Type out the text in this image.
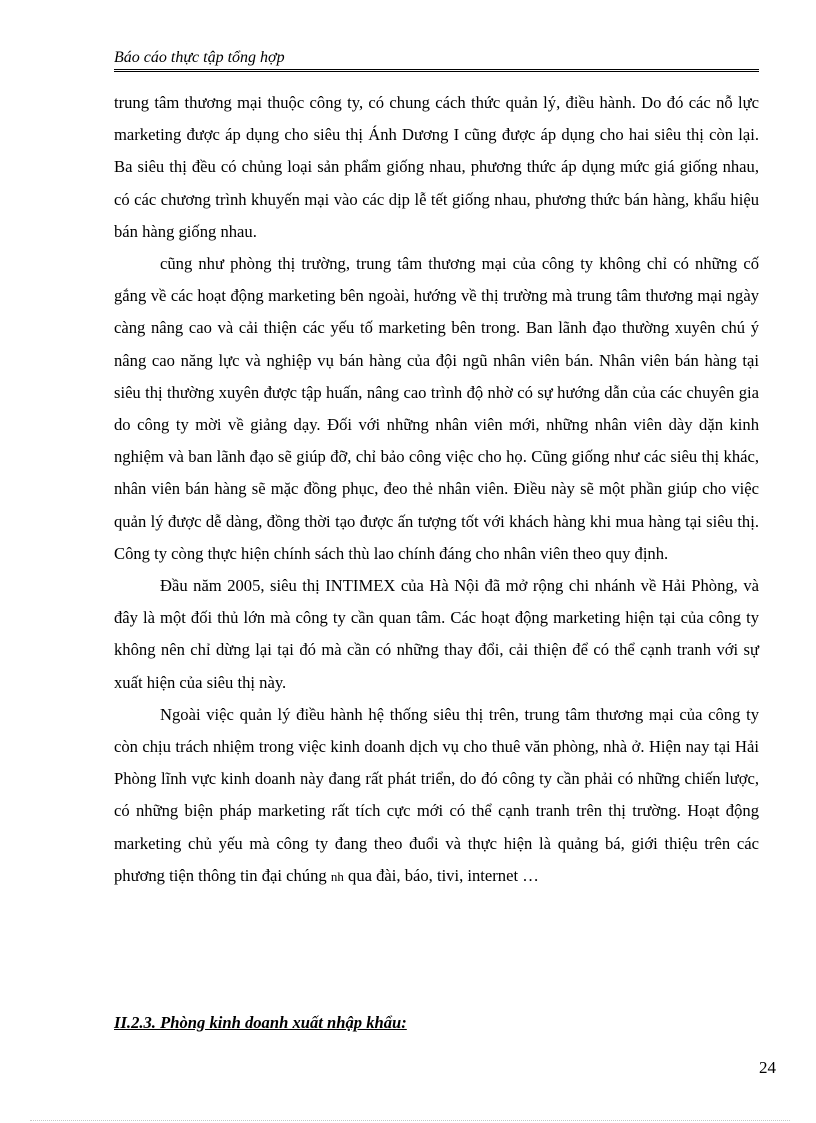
Báo cáo thực tập tổng hợp

trung tâm thương mại thuộc công ty, có chung cách thức quản lý, điều hành. Do đó các nỗ lực marketing được áp dụng cho siêu thị Ánh Dương I cũng được áp dụng cho hai siêu thị còn lại. Ba siêu thị đều có chủng loại sản phẩm giống nhau, phương thức áp dụng mức giá giống nhau, có các chương trình khuyến mại vào các dịp lễ tết giống nhau, phương thức bán hàng, khẩu hiệu bán hàng giống nhau.

cũng như phòng thị trường, trung tâm thương mại của công ty không chỉ có những cố gắng về các hoạt động marketing bên ngoài, hướng về thị trường mà trung tâm thương mại ngày càng nâng cao và cải thiện các yếu tố marketing bên trong. Ban lãnh đạo thường xuyên chú ý nâng cao năng lực và nghiệp vụ bán hàng của đội ngũ nhân viên bán. Nhân viên bán hàng tại siêu thị thường xuyên được tập huấn, nâng cao trình độ nhờ có sự hướng dẫn của các chuyên gia do công ty mời về giảng dạy. Đối với những nhân viên mới, những nhân viên dày dặn kinh nghiệm và ban lãnh đạo sẽ giúp đỡ, chỉ bảo công việc cho họ. Cũng giống như các siêu thị khác, nhân viên bán hàng sẽ mặc đồng phục, đeo thẻ nhân viên. Điều này sẽ một phần giúp cho việc quản lý được dễ dàng, đồng thời tạo được ấn tượng tốt với khách hàng khi mua hàng tại siêu thị. Công ty còng thực hiện chính sách thù lao chính đáng cho nhân viên theo quy định.

Đầu năm 2005, siêu thị INTIMEX của Hà Nội đã mở rộng chi nhánh về Hải Phòng, và đây là một đối thủ lớn mà công ty cần quan tâm. Các hoạt động marketing hiện tại của công ty không nên chỉ dừng lại tại đó mà cần có những thay đổi, cải thiện để có thể cạnh tranh với sự xuất hiện của siêu thị này.

Ngoài việc quản lý điều hành hệ thống siêu thị trên, trung tâm thương mại của công ty còn chịu trách nhiệm trong việc kinh doanh dịch vụ cho thuê văn phòng, nhà ở. Hiện nay tại Hải Phòng lĩnh vực kinh doanh này đang rất phát triển, do đó công ty cần phải có những chiến lược, có những biện pháp marketing rất tích cực mới có thể cạnh tranh trên thị trường. Hoạt động marketing chủ yếu mà công ty đang theo đuổi và thực hiện là quảng bá, giới thiệu trên các phương tiện thông tin đại chúng nh qua đài, báo, tivi, internet …

II.2.3. Phòng kinh doanh xuất nhập khẩu:
24
